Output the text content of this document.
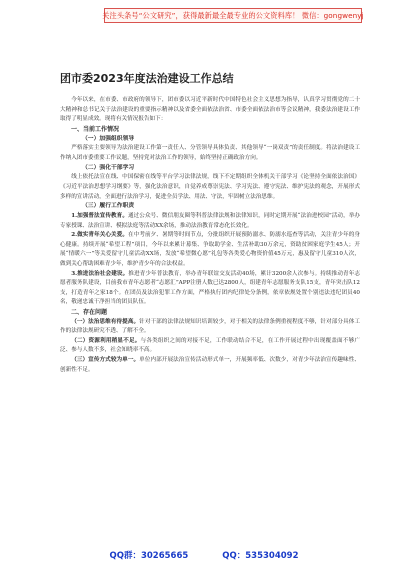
关注头条号“公文研究”，获得最新最全最专业的公文资料库！ 微信：gongwenyj
团市委2023年度法治建设工作总结

今年以来，在市委、市政府的领导下，团市委以习近平新时代中国特色社会主义思想为指导，认真学习贯彻党的二十大精神和总书记关于法治建设的重要指示精神以及省委全面依法治省、市委全面依法治市等会议精神，我委法治建设工作取得了明显成效。现将有关情况报告如下：

一、当前工作情况
（一）加强组织领导

严格落实主要领导为法治建设工作第一责任人、分管领导具体负责、其他领导“一岗双责”的责任制度。将法治建设工作纳入团市委重要工作议题，坚持党对法治工作的领导，始终坚持正确政治方向。

（二）强化干部学习

线上依托法宣在线、中国保密在线等平台学习法律法规，线下不定期组织全体机关干部学习《论坚持全面依法治国》《习近平法治思想学习纲要》等，强化法治意识，自觉养成尊崇宪法、学习宪法、遵守宪法、维护宪法的观念，开展形式多样的宣讲活动，全面进行法治学习，促进全员学法、用法、守法，牢固树立法治思维。

（三）履行工作职责

1.加强普法宣传教育。通过公众号、微信朋友圈等科普法律法规和法律知识，同时定期开展“法治进校园”活动，举办专家授课、法治宣讲、模拟法庭等活动XX余场，推动法治教育常态化长效化。

2.做实青年关心关爱。在中考前夕、暑期等时间节点，分批组织开展预防溺水、防溺水巡查等活动，关注青少年的身心健康。持续开展“希望工程”项目，今年以来累计募集、争取助学金、生活补助30万余元，资助贫困家庭学生45人；开展“情暖六一”等关爱留守儿童活动XX场，发放“希望微心愿”礼包等各类爱心物资价值45万元，惠及留守儿童310人次，做到关心帮助困难青少年，维护青少年的合法权益。

3.推进法治社会建设。推进青少年普法教育，举办青年联谊交友活动40场，累计3200余人次参与。持续推动青年志愿者服务队建设，目前我市青年志愿者“志愿汇”APP注册人数已达2800人，组建青年志愿服务支队15支，青年突击队12支，打造青年之家18个。在团员及法治犯罪工作方面，严格执行团内纪律处分条例，依章依规处置个别违法违纪团员40名，敬递忠诚干净担当的团员队伍。

二、存在问题

（一）法治思维有待提高。针对干部的法律法规知识培训较少，对于相关的法律条例重视程度不够，针对部分具体工作的法律法规研究不透、了解不全。

（二）资源利用稍显不足。与各类组织之间的对接不足，工作联动结合不足，在工作开展过程中出现覆盖面不够广泛、参与人数不多，社会知晓率不高。

（三）宣传方式较为单一。单位内部开展法治宣传活动形式单一，开展频率低、次数少，对青少年法治宣传趣味性、创新性不足。

QQ群：30265665	QQ：535304092
